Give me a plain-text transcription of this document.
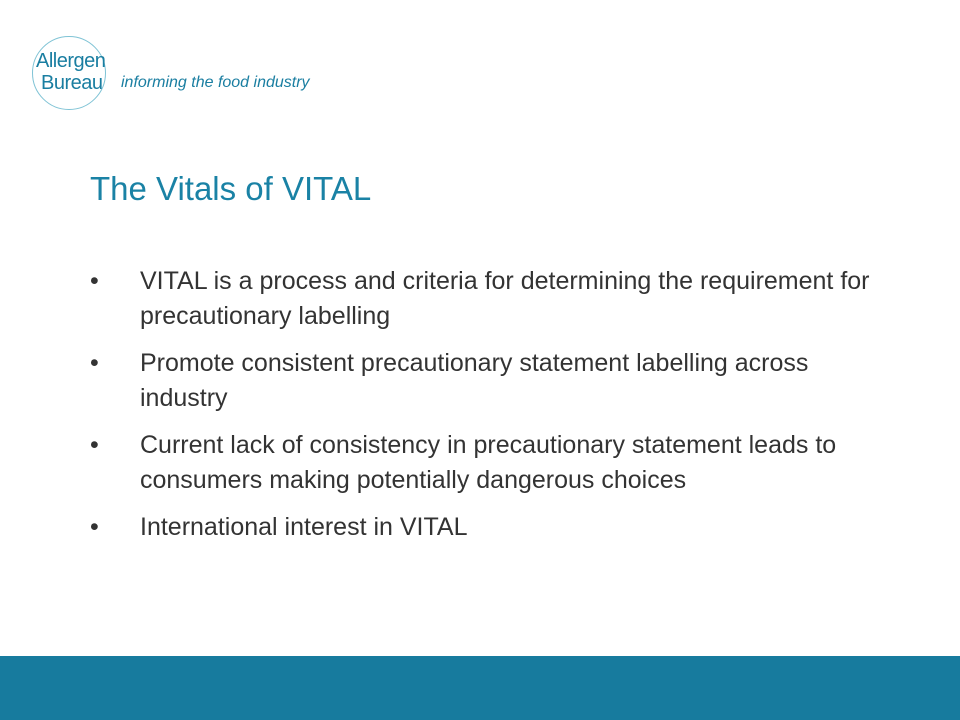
Allergen
Bureau informing the food industry
The Vitals of VITAL
• VITAL is a process and criteria for determining the requirement for precautionary labelling
• Promote consistent precautionary statement labelling across industry
• Current lack of consistency in precautionary statement leads to consumers making potentially dangerous choices
• International interest in VITAL
